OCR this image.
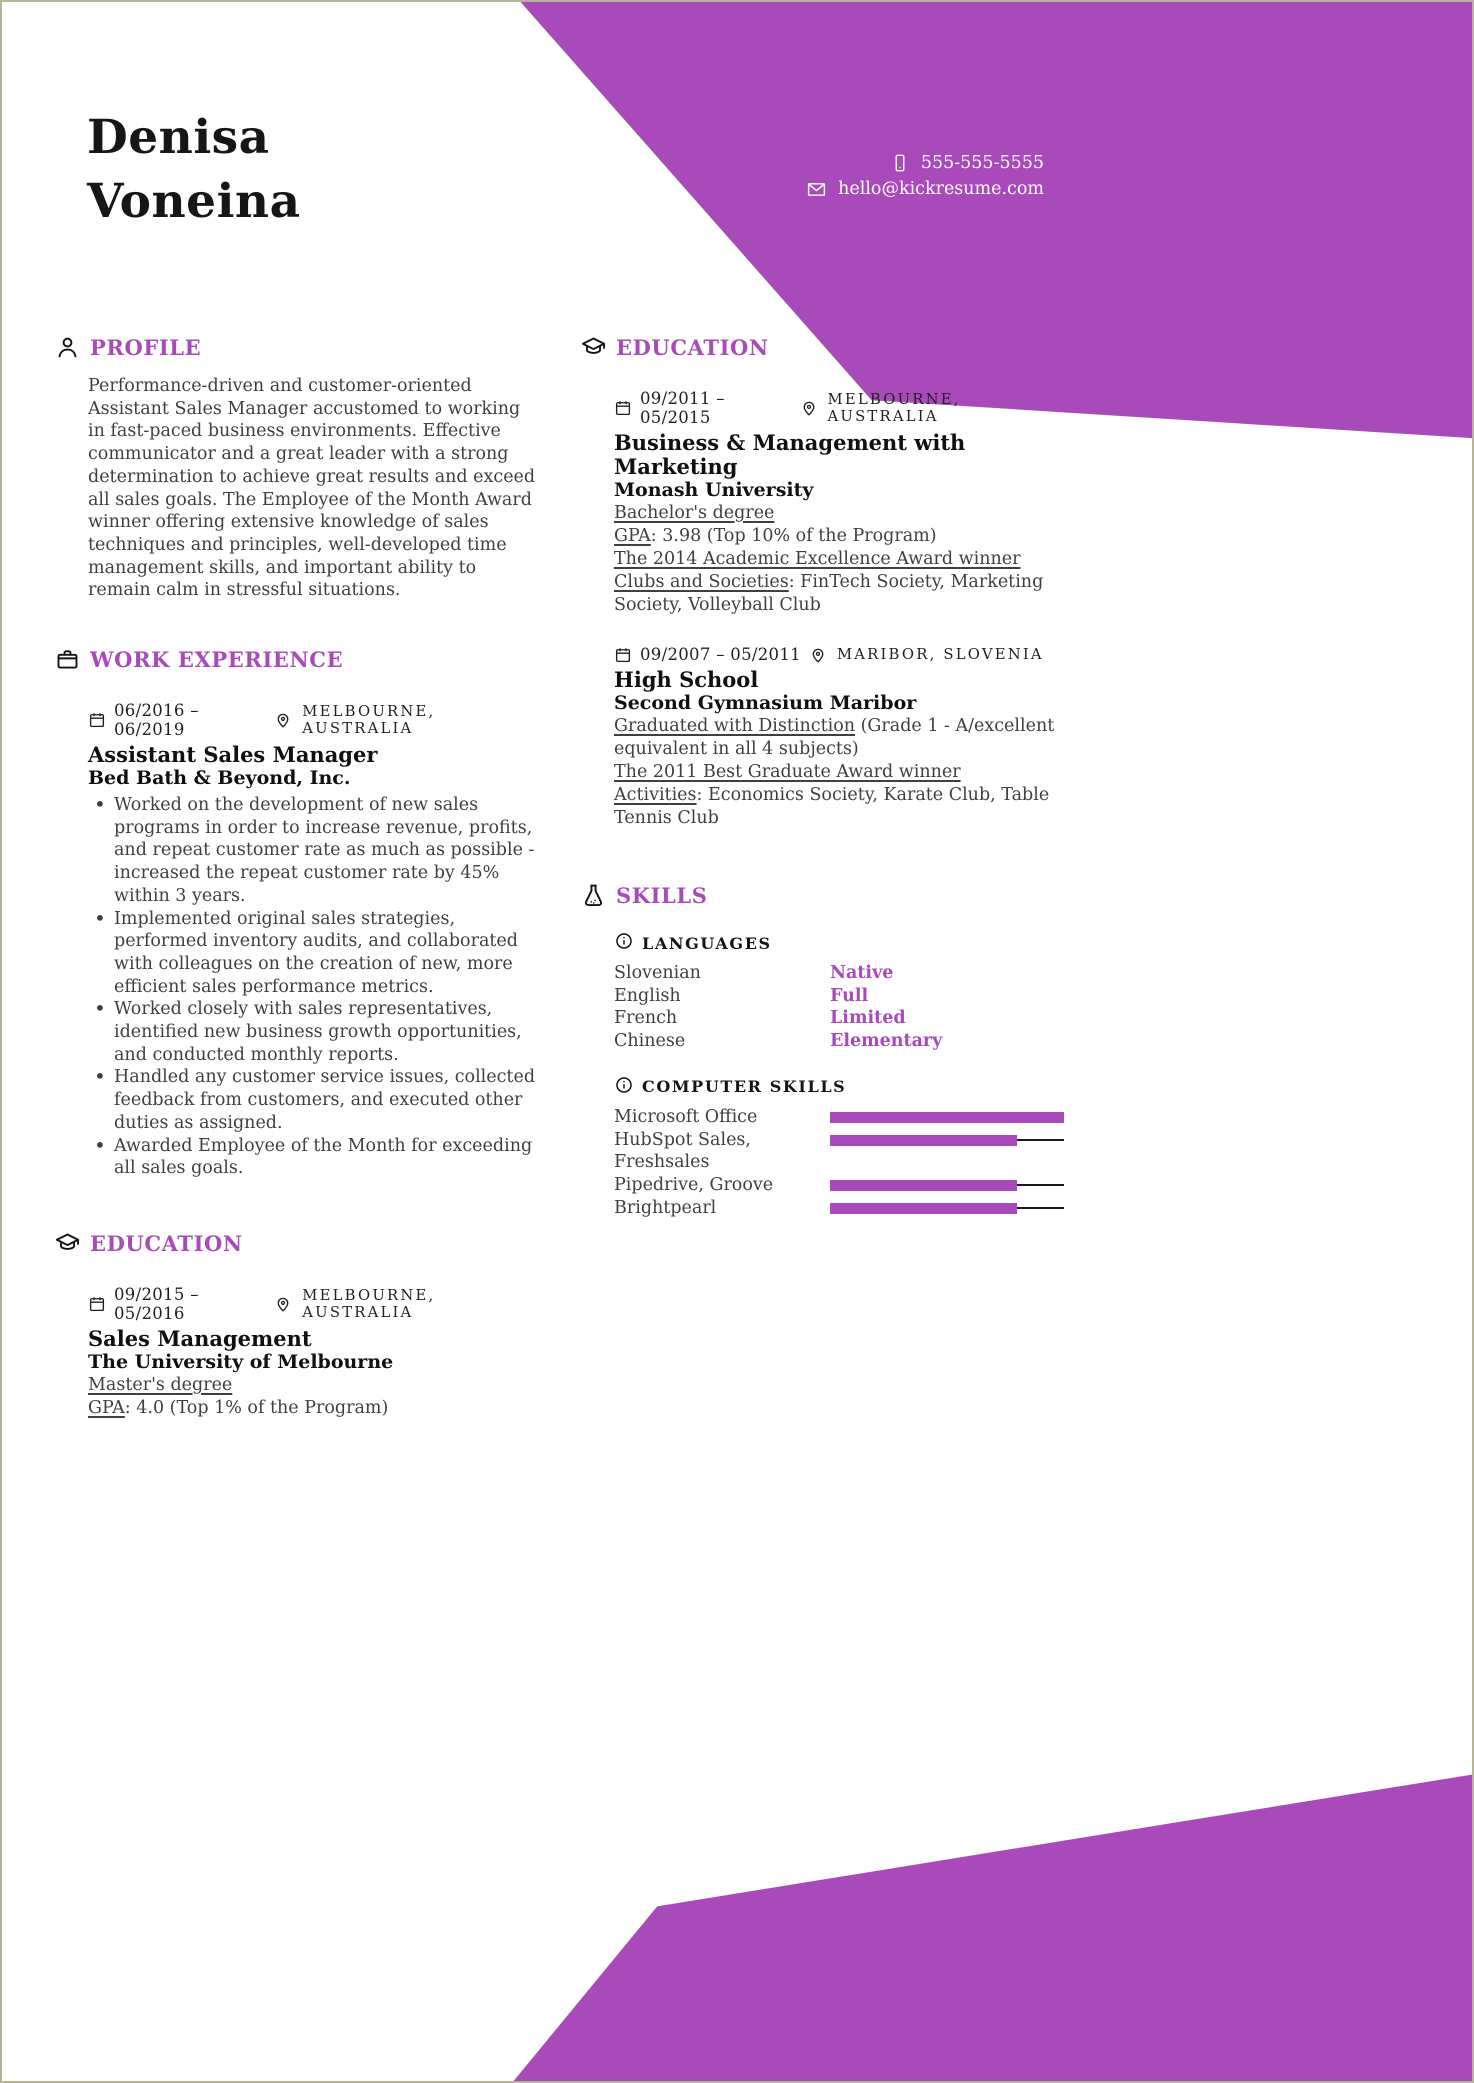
Denisa
Voneina
555-555-5555
hello@kickresume.com
PROFILE

Performance-driven and customer-oriented Assistant Sales Manager accustomed to working in fast-paced business environments. Effective communicator and a great leader with a strong determination to achieve great results and exceed all sales goals. The Employee of the Month Award winner offering extensive knowledge of sales techniques and principles, well-developed time management skills, and important ability to remain calm in stressful situations.

WORK EXPERIENCE
06/2016 – 06/2019
MELBOURNE, AUSTRALIA
Assistant Sales Manager
Bed Bath & Beyond, Inc.
• Worked on the development of new sales programs in order to increase revenue, profits, and repeat customer rate as much as possible - increased the repeat customer rate by 45% within 3 years.
• Implemented original sales strategies, performed inventory audits, and collaborated with colleagues on the creation of new, more efficient sales performance metrics.
• Worked closely with sales representatives, identified new business growth opportunities, and conducted monthly reports.
• Handled any customer service issues, collected feedback from customers, and executed other duties as assigned.
• Awarded Employee of the Month for exceeding all sales goals.
EDUCATION
09/2015 – 05/2016
MELBOURNE, AUSTRALIA
Sales Management
The University of Melbourne
Master's degree
GPA: 4.0 (Top 1% of the Program)
EDUCATION
09/2011 – 05/2015
MELBOURNE, AUSTRALIA
Business & Management with Marketing
Monash University
Bachelor's degree
GPA: 3.98 (Top 10% of the Program)
The 2014 Academic Excellence Award winner
Clubs and Societies: FinTech Society, Marketing Society, Volleyball Club
09/2007 – 05/2011 MARIBOR, SLOVENIA
High School
Second Gymnasium Maribor
Graduated with Distinction (Grade 1 - A/excellent equivalent in all 4 subjects)
The 2011 Best Graduate Award winner
Activities: Economics Society, Karate Club, Table Tennis Club
SKILLS
LANGUAGES
Slovenian	Native
English	Full
French	Limited
Chinese	Elementary
COMPUTER SKILLS
Microsoft Office
HubSpot Sales, Freshsales
Pipedrive, Groove
Brightpearl
